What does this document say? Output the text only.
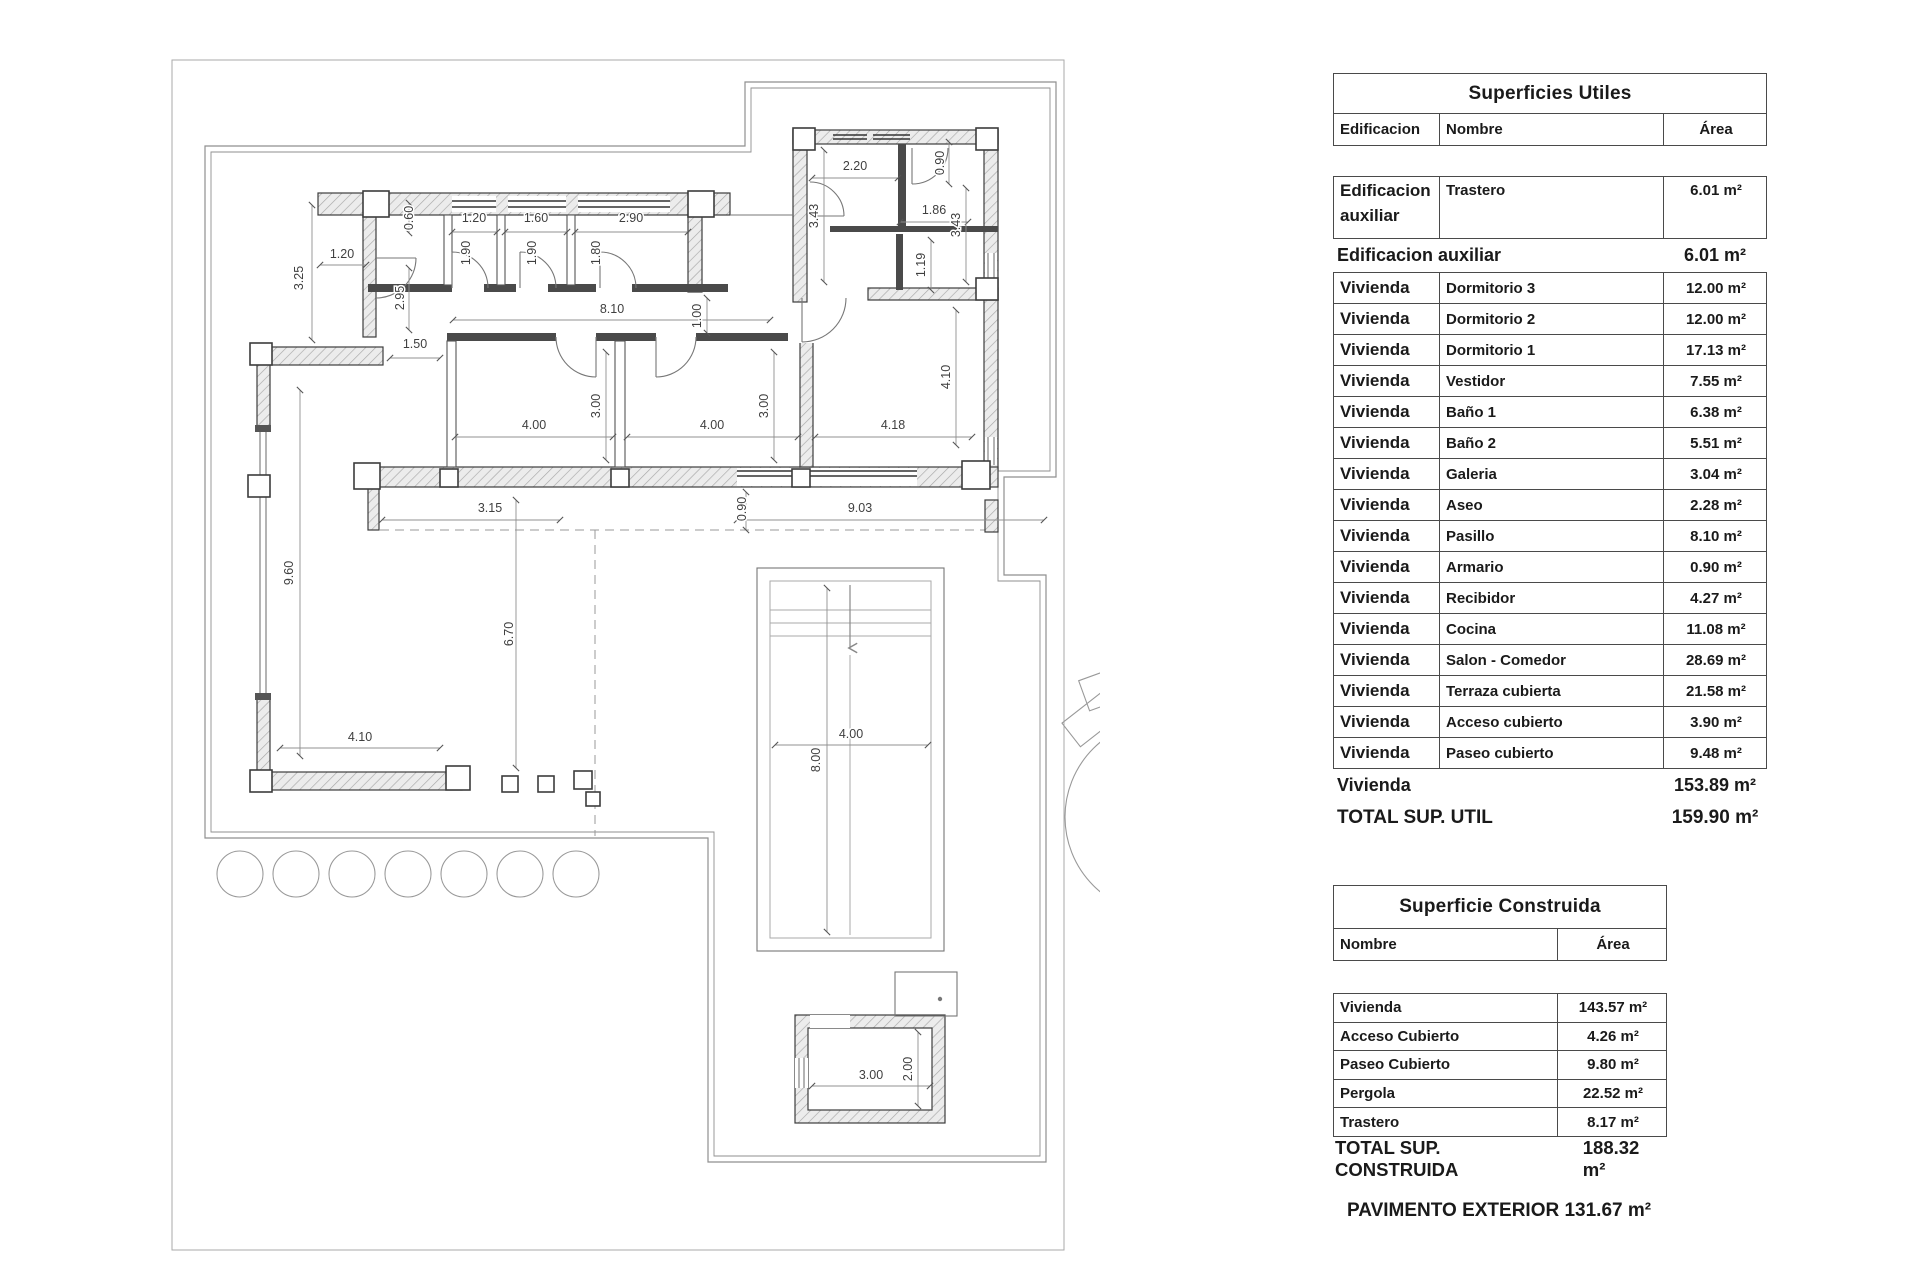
3.25
1.20
0.60
2.95
1.50
1.20	1.60	2.90
1.90	1.90	1.80
2.20	0.90
3.43	1.86
3.43
1.19
8.10	1.00
3.00
4.00	4.00
3.00
4.18
4.10
3.15	0.90	9.03
9.60
6.70
4.10	4.00
8.00
3.00 2.00
Superficies Utiles
Edificacion	Nombre	Área
Edificacion auxiliar
Trastero	6.01 m²
Edificacion auxiliar	6.01 m²
Vivienda	Dormitorio 3	12.00 m²
Vivienda	Dormitorio 2	12.00 m²
Vivienda	Dormitorio 1	17.13 m²
Vivienda	Vestidor	7.55 m²
Vivienda	Baño 1	6.38 m²
Vivienda	Baño 2	5.51 m²
Vivienda	Galeria	3.04 m²
Vivienda	Aseo	2.28 m²
Vivienda	Pasillo	8.10 m²
Vivienda	Armario	0.90 m²
Vivienda	Recibidor	4.27 m²
Vivienda	Cocina	11.08 m²
Vivienda	Salon - Comedor	28.69 m²
Vivienda	Terraza cubierta	21.58 m²
Vivienda	Acceso cubierto	3.90 m²
Vivienda	Paseo cubierto	9.48 m²
Vivienda	153.89 m²
TOTAL SUP. UTIL	159.90 m²
Superficie Construida
Nombre	Área
Vivienda	143.57 m²
Acceso Cubierto	4.26 m²
Paseo Cubierto	9.80 m²
Pergola	22.52 m²
Trastero	8.17 m²
TOTAL SUP. CONSTRUIDA
188.32 m²
PAVIMENTO EXTERIOR 131.67 m²
